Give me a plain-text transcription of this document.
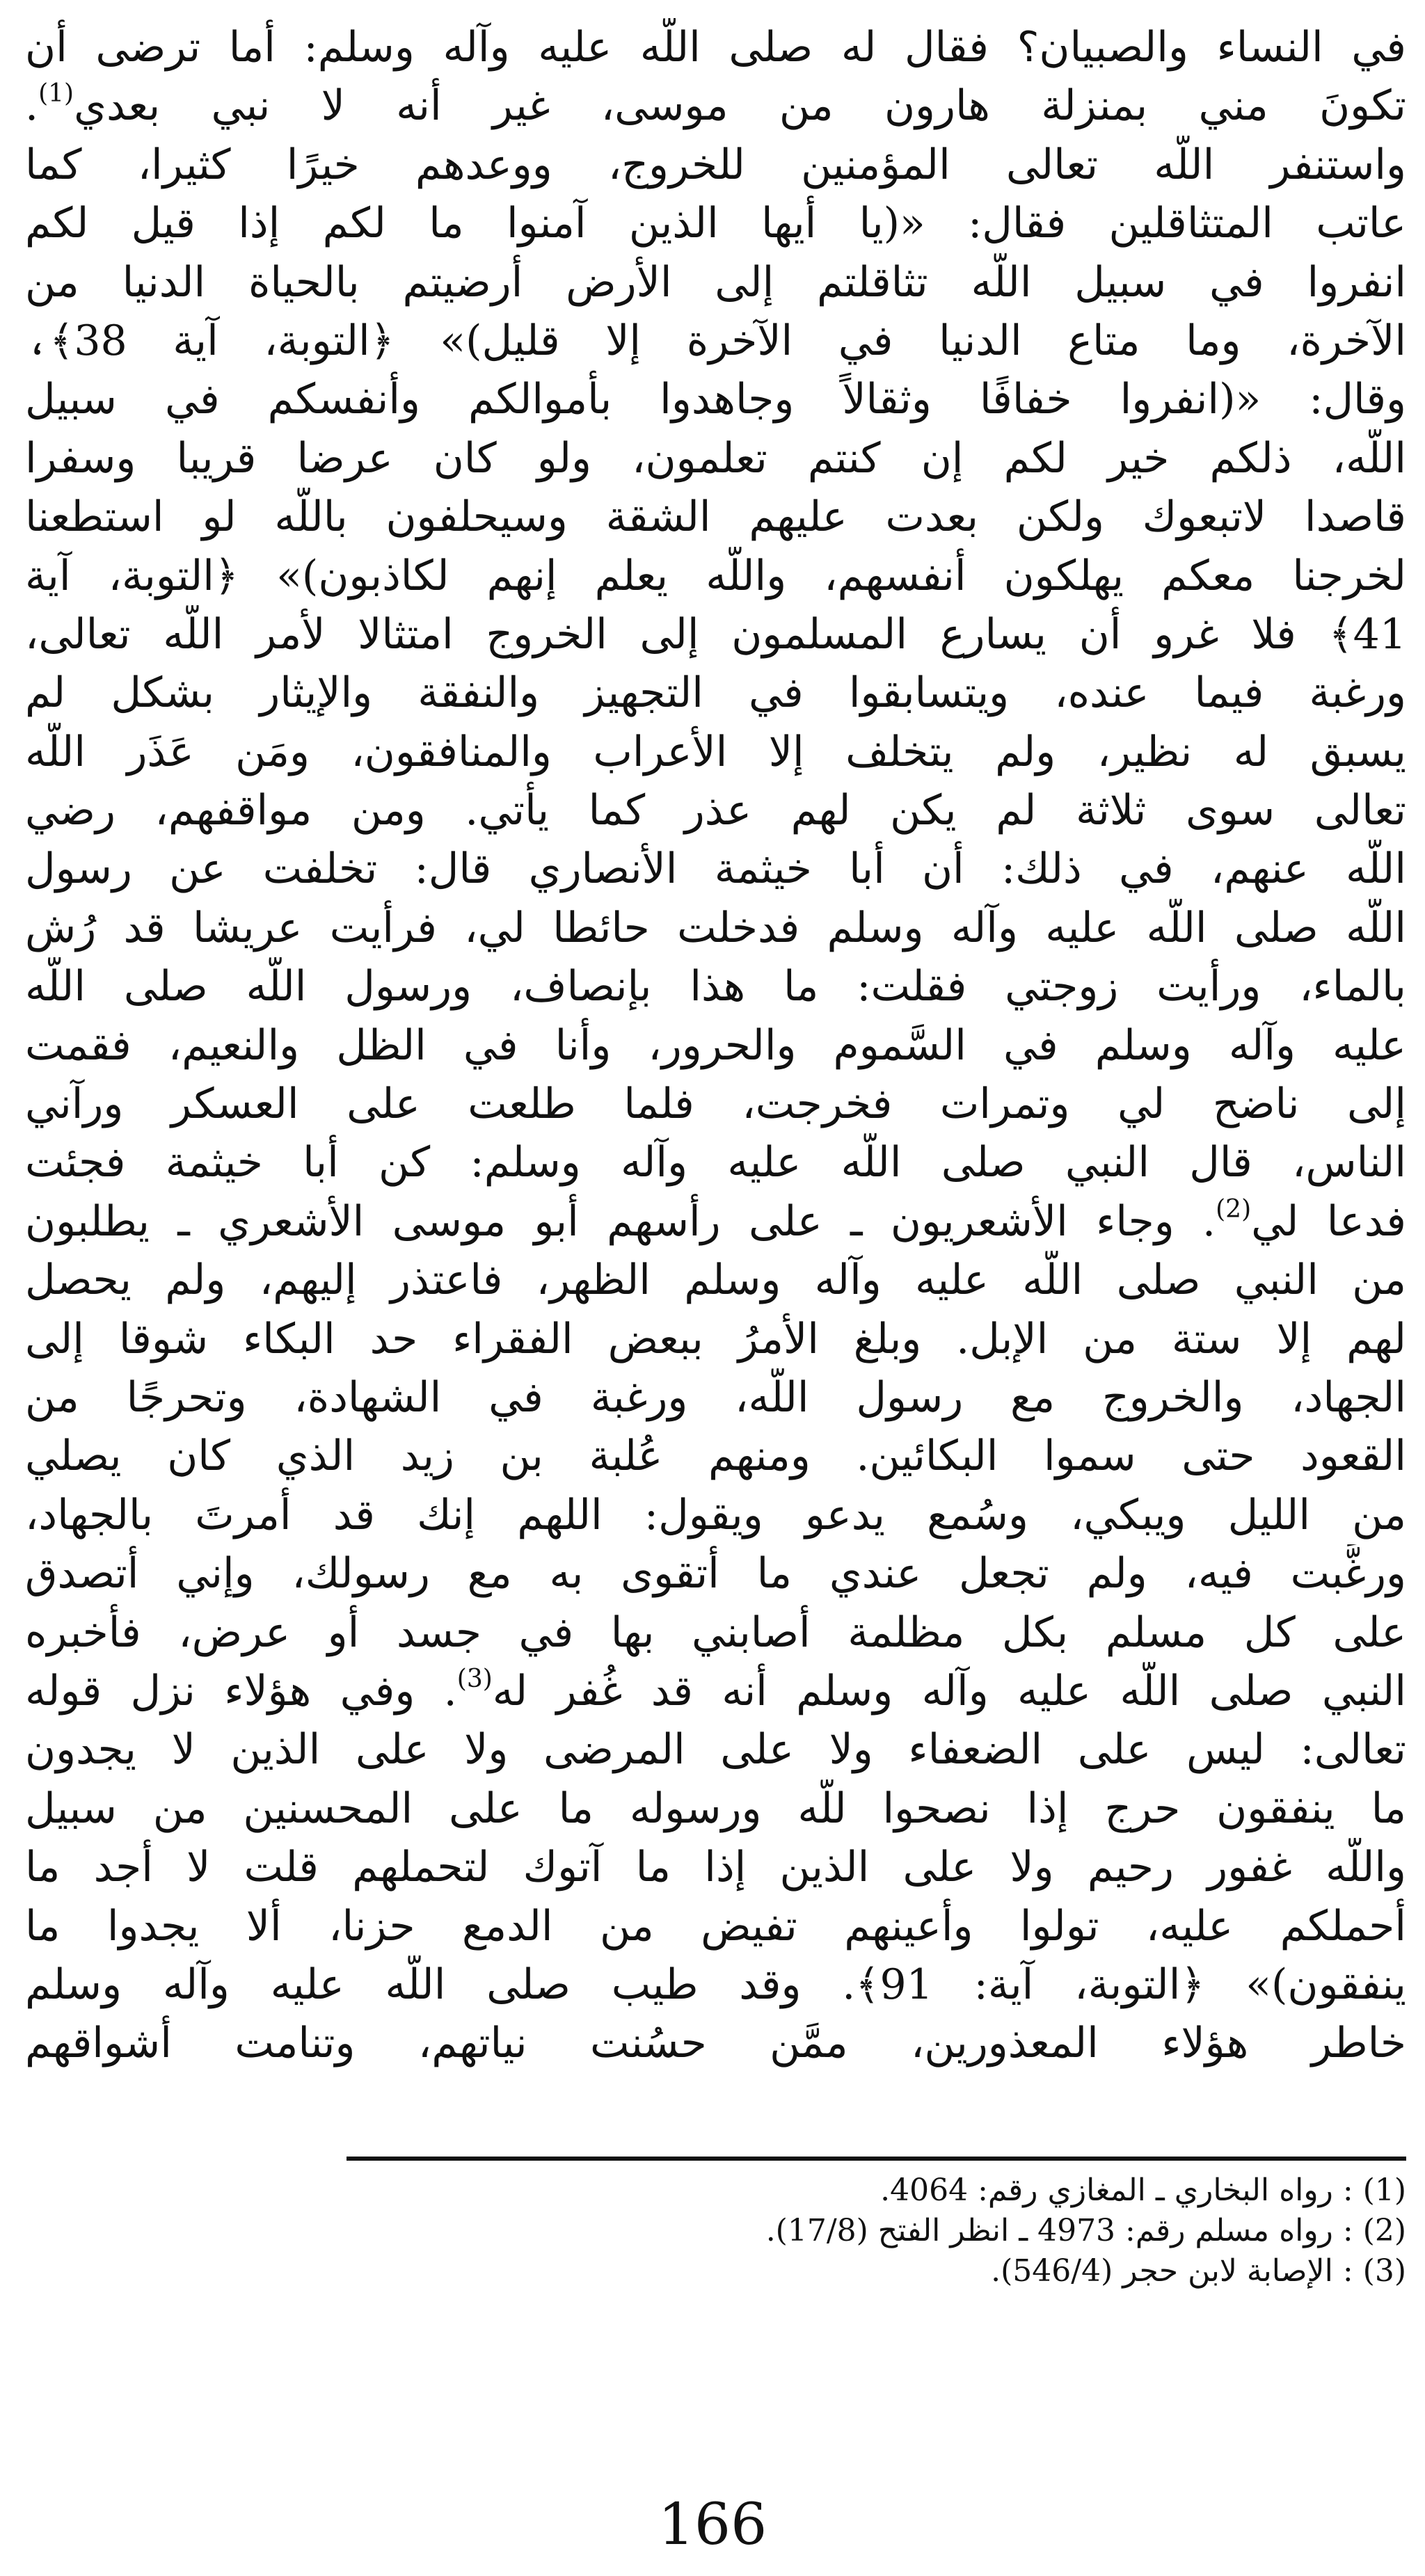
في النساء والصبيان؟ فقال له صلى اللّه عليه وآله وسلم: أما ترضى أن
تكونَ مني بمنزلة هارون من موسى، غير أنه لا نبي بعدي$^{(1)}$.
واستنفر اللّه تعالى المؤمنين للخروج، ووعدهم خيرًا كثيرا، كما
عاتب المتثاقلين فقال: «(يا أيها الذين آمنوا ما لكم إذا قيل لكم
انفروا في سبيل اللّه تثاقلتم إلى الأرض أرضيتم بالحياة الدنيا من
الآخرة، وما متاع الدنيا في الآخرة إلا قليل)» ﴿التوبة، آية 38﴾،
وقال: «(انفروا خفافًا وثقالاً وجاهدوا بأموالكم وأنفسكم في سبيل
اللّه، ذلكم خير لكم إن كنتم تعلمون، ولو كان عرضا قريبا وسفرا
قاصدا لاتبعوك ولكن بعدت عليهم الشقة وسيحلفون باللّه لو استطعنا
لخرجنا معكم يهلكون أنفسهم، واللّه يعلم إنهم لكاذبون)» ﴿التوبة، آية
41﴾ فلا غرو أن يسارع المسلمون إلى الخروج امتثالا لأمر اللّه تعالى،
ورغبة فيما عنده، ويتسابقوا في التجهيز والنفقة والإيثار بشكل لم
يسبق له نظير، ولم يتخلف إلا الأعراب والمنافقون، ومَن عَذَر اللّه
تعالى سوى ثلاثة لم يكن لهم عذر كما يأتي. ومن مواقفهم، رضي
اللّه عنهم، في ذلك: أن أبا خيثمة الأنصاري قال: تخلفت عن رسول
اللّه صلى اللّه عليه وآله وسلم فدخلت حائطا لي، فرأيت عريشا قد رُش
بالماء، ورأيت زوجتي فقلت: ما هذا بإنصاف، ورسول اللّه صلى اللّه
عليه وآله وسلم في السَّموم والحرور، وأنا في الظل والنعيم، فقمت
إلى ناضح لي وتمرات فخرجت، فلما طلعت على العسكر ورآني
الناس، قال النبي صلى اللّه عليه وآله وسلم: كن أبا خيثمة فجئت
فدعا لي$^{(2)}$. وجاء الأشعريون ـ على رأسهم أبو موسى الأشعري ـ يطلبون
من النبي صلى اللّه عليه وآله وسلم الظهر، فاعتذر إليهم، ولم يحصل
لهم إلا ستة من الإبل. وبلغ الأمرُ ببعض الفقراء حد البكاء شوقا إلى
الجهاد، والخروج مع رسول اللّه، ورغبة في الشهادة، وتحرجًا من
القعود حتى سموا البكائين. ومنهم عُلبة بن زيد الذي كان يصلي
من الليل ويبكي، وسُمع يدعو ويقول: اللهم إنك قد أمرتَ بالجهاد،
ورغَّبت فيه، ولم تجعل عندي ما أتقوى به مع رسولك، وإني أتصدق
على كل مسلم بكل مظلمة أصابني بها في جسد أو عرض، فأخبره
النبي صلى اللّه عليه وآله وسلم أنه قد غُفر له$^{(3)}$. وفي هؤلاء نزل قوله
تعالى: ليس على الضعفاء ولا على المرضى ولا على الذين لا يجدون
ما ينفقون حرج إذا نصحوا للّه ورسوله ما على المحسنين من سبيل
واللّه غفور رحيم ولا على الذين إذا ما آتوك لتحملهم قلت لا أجد ما
أحملكم عليه، تولوا وأعينهم تفيض من الدمع حزنا، ألا يجدوا ما
ينفقون)» ﴿التوبة، آية: 91﴾. وقد طيب صلى اللّه عليه وآله وسلم
خاطر هؤلاء المعذورين، ممَّن حسُنت نياتهم، وتنامت أشواقهم
(1) : رواه البخاري ـ المغازي رقم: 4064.
(2) : رواه مسلم رقم: 4973 ـ انظر الفتح (17/8).
(3) : الإصابة لابن حجر (546/4).
166
